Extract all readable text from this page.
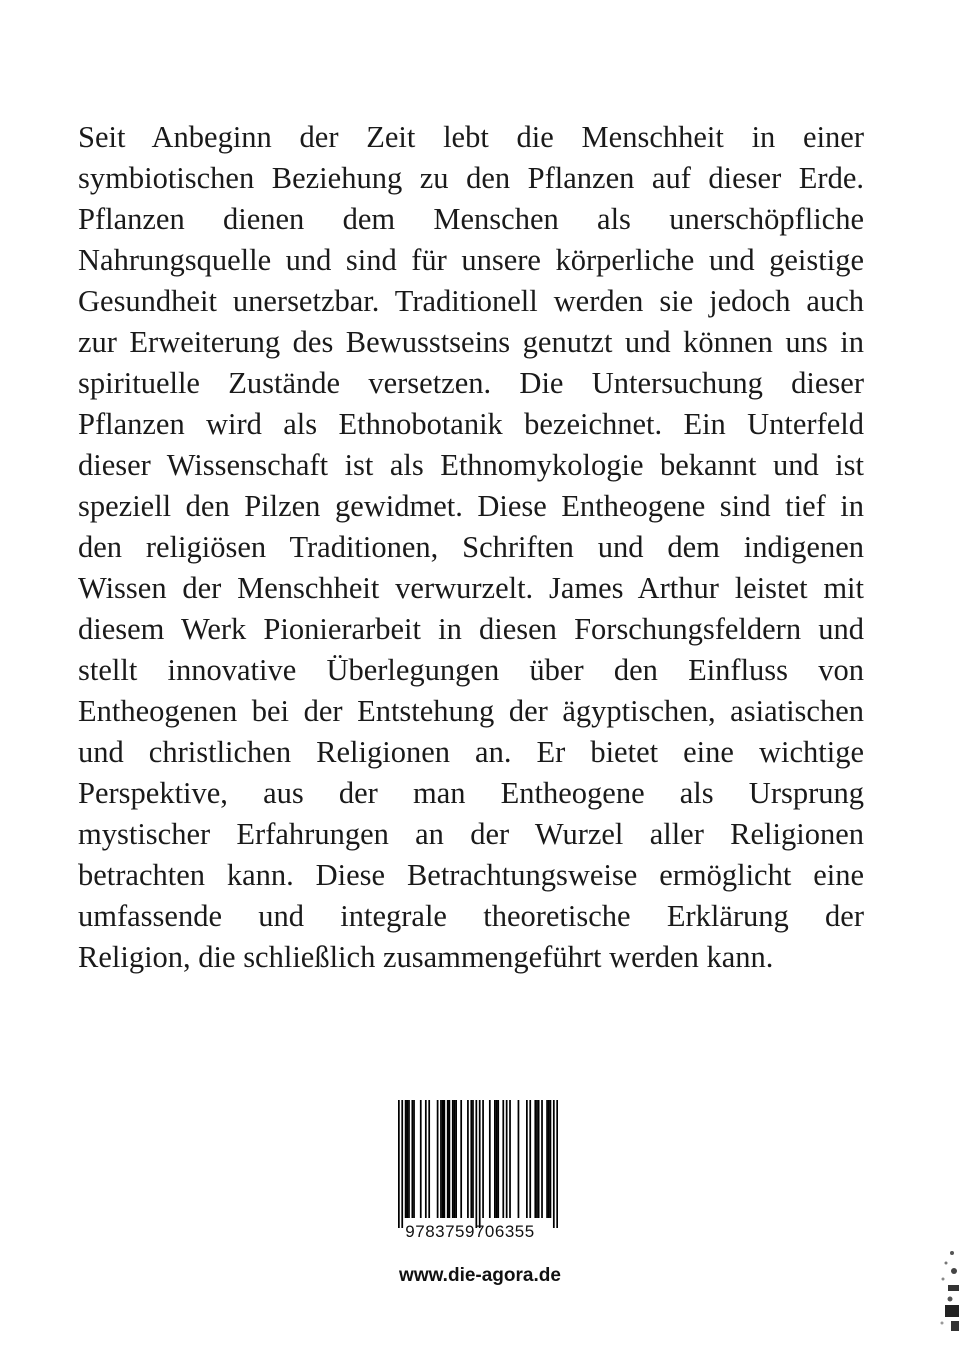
Seit Anbeginn der Zeit lebt die Menschheit in einer
symbiotischen Beziehung zu den Pflanzen auf dieser Erde.
Pflanzen dienen dem Menschen als unerschöpfliche
Nahrungsquelle und sind für unsere körperliche und geistige
Gesundheit unersetzbar. Traditionell werden sie jedoch auch
zur Erweiterung des Bewusstseins genutzt und können uns in
spirituelle Zustände versetzen. Die Untersuchung dieser
Pflanzen wird als Ethnobotanik bezeichnet. Ein Unterfeld
dieser Wissenschaft ist als Ethnomykologie bekannt und ist
speziell den Pilzen gewidmet. Diese Entheogene sind tief in
den religiösen Traditionen, Schriften und dem indigenen
Wissen der Menschheit verwurzelt. James Arthur leistet mit
diesem Werk Pionierarbeit in diesen Forschungsfeldern und
stellt innovative Überlegungen über den Einfluss von
Entheogenen bei der Entstehung der ägyptischen, asiatischen
und christlichen Religionen an. Er bietet eine wichtige
Perspektive, aus der man Entheogene als Ursprung
mystischer Erfahrungen an der Wurzel aller Religionen
betrachten kann. Diese Betrachtungsweise ermöglicht eine
umfassende und integrale theoretische Erklärung der
Religion, die schließlich zusammengeführt werden kann.
9783759706355
www.die-agora.de
